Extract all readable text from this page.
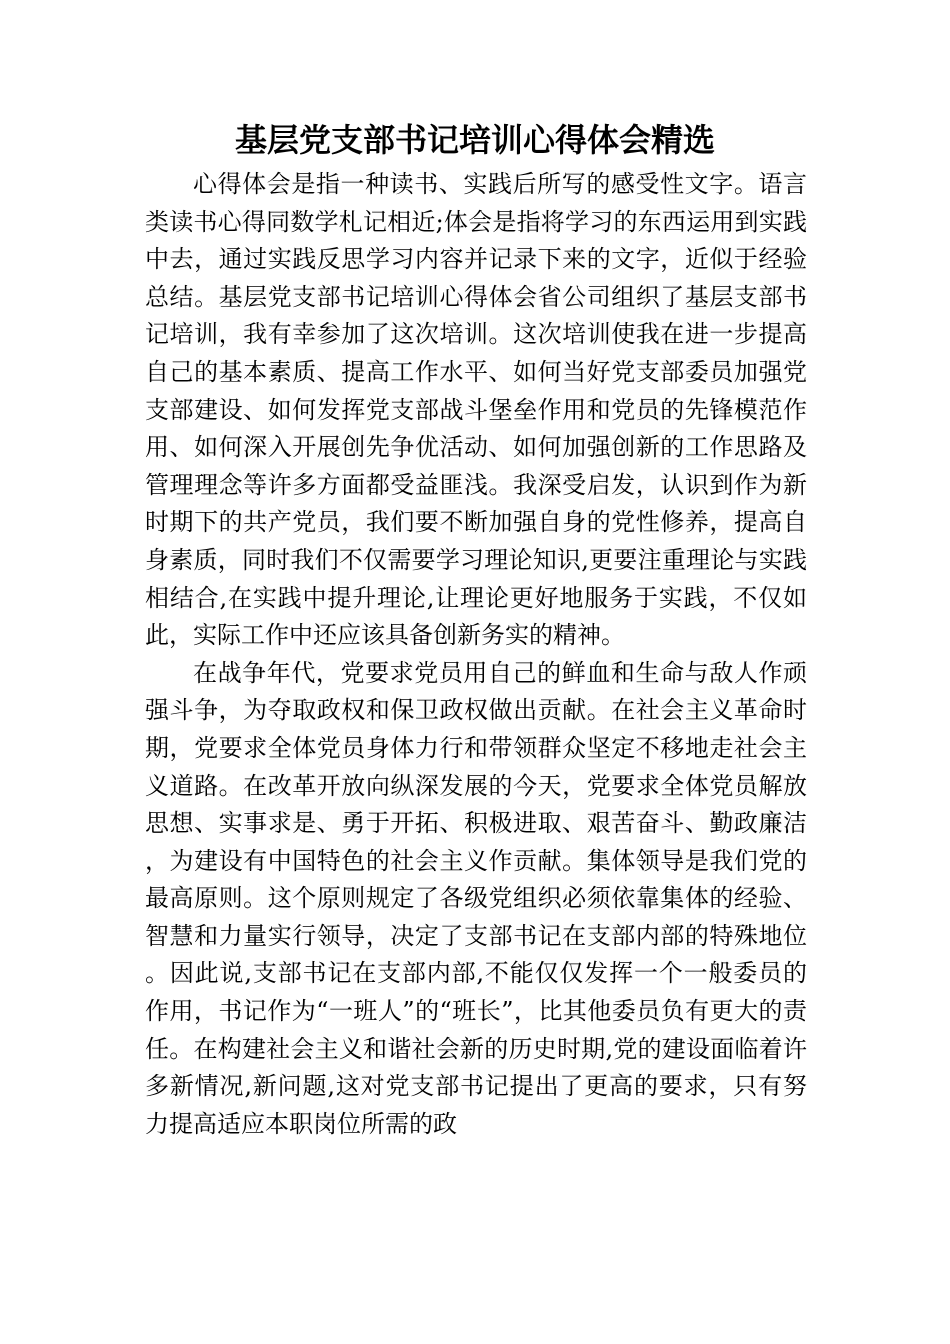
基层党支部书记培训心得体会精选

心得体会是指一种读书、实践后所写的感受性文字。语言类读书心得同数学札记相近;体会是指将学习的东西运用到实践中去，通过实践反思学习内容并记录下来的文字，近似于经验总结。基层党支部书记培训心得体会省公司组织了基层支部书记培训，我有幸参加了这次培训。这次培训使我在进一步提高自己的基本素质、提高工作水平、如何当好党支部委员加强党支部建设、如何发挥党支部战斗堡垒作用和党员的先锋模范作用、如何深入开展创先争优活动、如何加强创新的工作思路及管理理念等许多方面都受益匪浅。我深受启发，认识到作为新时期下的共产党员，我们要不断加强自身的党性修养，提高自身素质，同时我们不仅需要学习理论知识,更要注重理论与实践相结合,在实践中提升理论,让理论更好地服务于实践，不仅如此，实际工作中还应该具备创新务实的精神。

在战争年代，党要求党员用自己的鲜血和生命与敌人作顽强斗争，为夺取政权和保卫政权做出贡献。在社会主义革命时期，党要求全体党员身体力行和带领群众坚定不移地走社会主义道路。在改革开放向纵深发展的今天，党要求全体党员解放思想、实事求是、勇于开拓、积极进取、艰苦奋斗、勤政廉洁，为建设有中国特色的社会主义作贡献。集体领导是我们党的最高原则。这个原则规定了各级党组织必须依靠集体的经验、智慧和力量实行领导，决定了支部书记在支部内部的特殊地位。因此说,支部书记在支部内部,不能仅仅发挥一个一般委员的作用，书记作为“一班人”的“班长”，比其他委员负有更大的责任。在构建社会主义和谐社会新的历史时期,党的建设面临着许多新情况,新问题,这对党支部书记提出了更高的要求，只有努力提高适应本职岗位所需的政
